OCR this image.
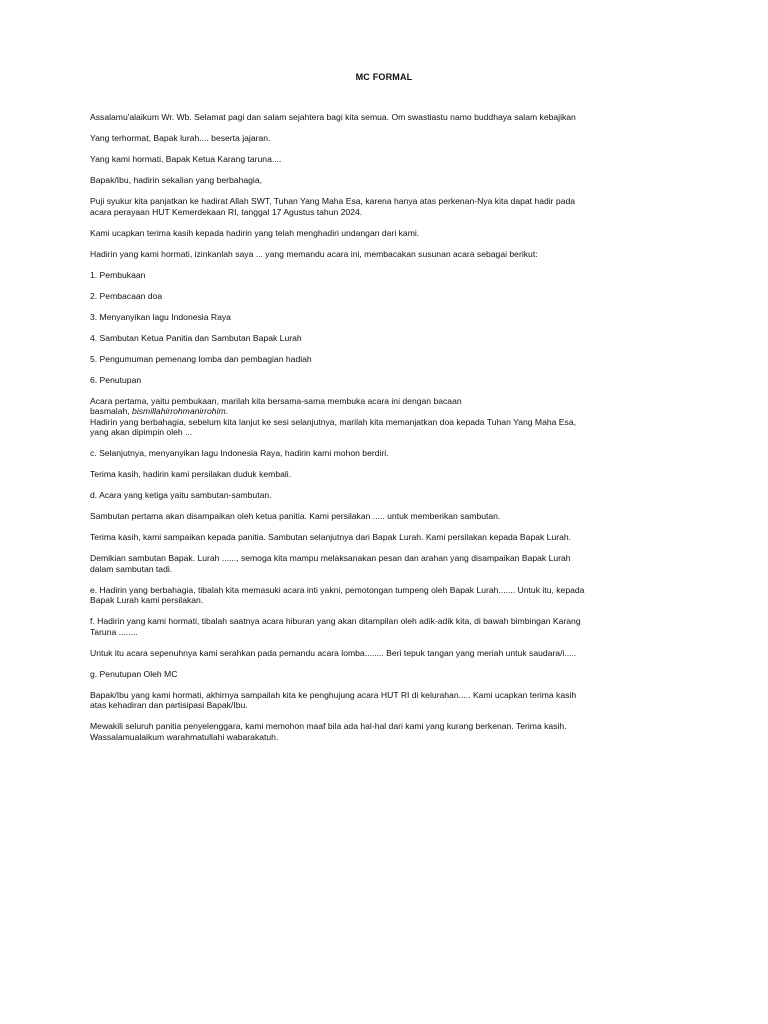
MC FORMAL
Assalamu'alaikum Wr. Wb. Selamat pagi dan salam sejahtera bagi kita semua. Om swastiastu namo buddhaya salam kebajikan
Yang terhormat, Bapak lurah.... beserta jajaran.
Yang kami hormati, Bapak Ketua Karang taruna....
Bapak/Ibu, hadirin sekalian yang berbahagia,
Puji syukur kita panjatkan ke hadirat Allah SWT, Tuhan Yang Maha Esa, karena hanya atas perkenan-Nya kita dapat hadir pada
acara perayaan HUT Kemerdekaan RI, tanggal 17 Agustus tahun 2024.
Kami ucapkan terima kasih kepada hadirin yang telah menghadiri undangan dari kami.
Hadirin yang kami hormati, izinkanlah saya ... yang memandu acara ini, membacakan susunan acara sebagai berikut:
1. Pembukaan
2. Pembacaan doa
3. Menyanyikan lagu Indonesia Raya
4. Sambutan Ketua Panitia dan Sambutan Bapak Lurah
5. Pengumuman pemenang lomba dan pembagian hadiah
6. Penutupan
Acara pertama, yaitu pembukaan, marilah kita bersama-sama membuka acara ini dengan bacaan
basmalah, bismillahirrohmanirrohim.
Hadirin yang berbahagia, sebelum kita lanjut ke sesi selanjutnya, marilah kita memanjatkan doa kepada Tuhan Yang Maha Esa,
yang akan dipimpin oleh ...
c. Selanjutnya, menyanyikan lagu Indonesia Raya, hadirin kami mohon berdiri.
Terima kasih, hadirin kami persilakan duduk kembali.
d. Acara yang ketiga yaitu sambutan-sambutan.
Sambutan pertama akan disampaikan oleh ketua panitia. Kami persilakan ..... untuk memberikan sambutan.
Terima kasih, kami sampaikan kepada panitia. Sambutan selanjutnya dari Bapak Lurah. Kami persilakan kepada Bapak Lurah.
Demikian sambutan Bapak. Lurah ......, semoga kita mampu melaksanakan pesan dan arahan yang disampaikan Bapak Lurah
dalam sambutan tadi.
e. Hadirin yang berbahagia, tibalah kita memasuki acara inti yakni, pemotongan tumpeng oleh Bapak Lurah....... Untuk itu, kepada
Bapak Lurah kami persilakan.
f. Hadirin yang kami hormati, tibalah saatnya acara hiburan yang akan ditampilan oleh adik-adik kita, di bawah bimbingan Karang
Taruna ........
Untuk itu acara sepenuhnya kami serahkan pada pemandu acara lomba........ Beri tepuk tangan yang meriah untuk saudara/i.....
g. Penutupan Oleh MC
Bapak/Ibu yang kami hormati, akhirnya sampailah kita ke penghujung acara HUT RI di kelurahan..... Kami ucapkan terima kasih
atas kehadiran dan partisipasi Bapak/Ibu.
Mewakili seluruh panitia penyelenggara, kami memohon maaf bila ada hal-hal dari kami yang kurang berkenan. Terima kasih.
Wassalamualaikum warahmatullahi wabarakatuh.
